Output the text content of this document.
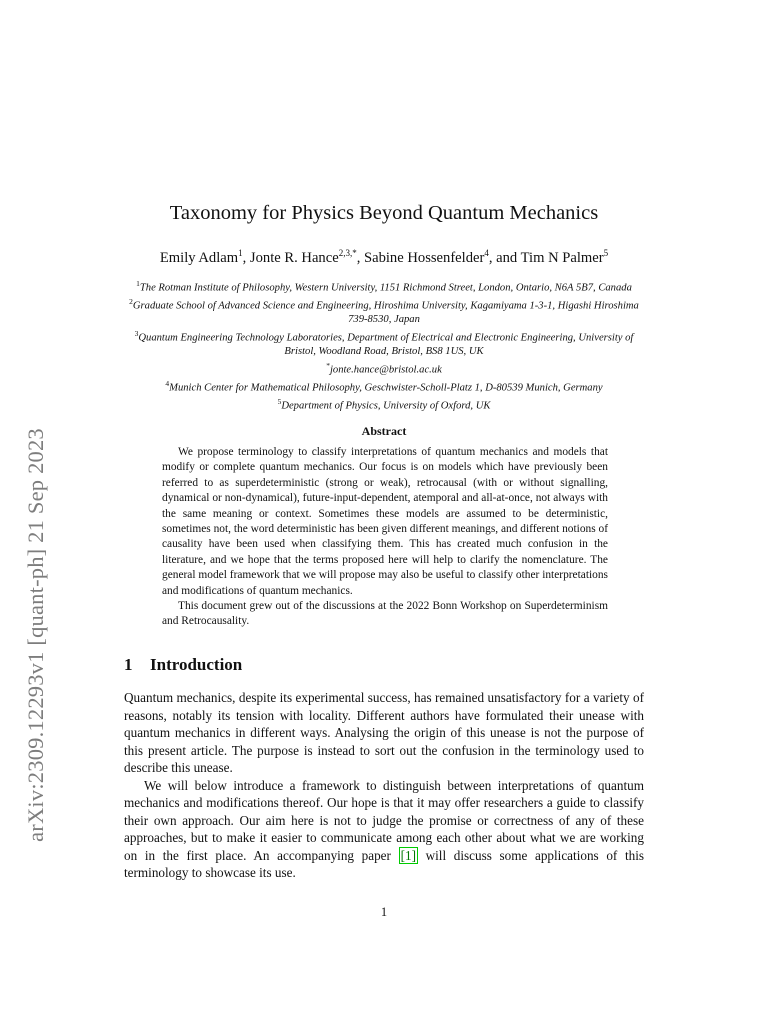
arXiv:2309.12293v1 [quant-ph] 21 Sep 2023
Taxonomy for Physics Beyond Quantum Mechanics
Emily Adlam$^1$, Jonte R. Hance$^{2,3,*}$, Sabine Hossenfelder$^4$, and Tim N Palmer$^5$
$^1$The Rotman Institute of Philosophy, Western University, 1151 Richmond Street, London, Ontario, N6A 5B7, Canada
$^2$Graduate School of Advanced Science and Engineering, Hiroshima University, Kagamiyama 1-3-1, Higashi Hiroshima 739-8530, Japan
$^3$Quantum Engineering Technology Laboratories, Department of Electrical and Electronic Engineering, University of Bristol, Woodland Road, Bristol, BS8 1US, UK
*jonte.hance@bristol.ac.uk
$^4$Munich Center for Mathematical Philosophy, Geschwister-Scholl-Platz 1, D-80539 Munich, Germany
$^5$Department of Physics, University of Oxford, UK
Abstract

We propose terminology to classify interpretations of quantum mechanics and models that modify or complete quantum mechanics. Our focus is on models which have previously been referred to as superdeterministic (strong or weak), retrocausal (with or without signalling, dynamical or non-dynamical), future-input-dependent, atemporal and all-at-once, not always with the same meaning or context. Sometimes these models are assumed to be deterministic, sometimes not, the word deterministic has been given different meanings, and different notions of causality have been used when classifying them. This has created much confusion in the literature, and we hope that the terms proposed here will help to clarify the nomenclature. The general model framework that we will propose may also be useful to classify other interpretations and modifications of quantum mechanics.

This document grew out of the discussions at the 2022 Bonn Workshop on Superdeterminism and Retrocausality.

1 Introduction

Quantum mechanics, despite its experimental success, has remained unsatisfactory for a variety of reasons, notably its tension with locality. Different authors have formulated their unease with quantum mechanics in different ways. Analysing the origin of this unease is not the purpose of this present article. The purpose is instead to sort out the confusion in the terminology used to describe this unease.

We will below introduce a framework to distinguish between interpretations of quantum mechanics and modifications thereof. Our hope is that it may offer researchers a guide to classify their own approach. Our aim here is not to judge the promise or correctness of any of these approaches, but to make it easier to communicate among each other about what we are working on in the first place. An accompanying paper [1] will discuss some applications of this terminology to showcase its use.

1
